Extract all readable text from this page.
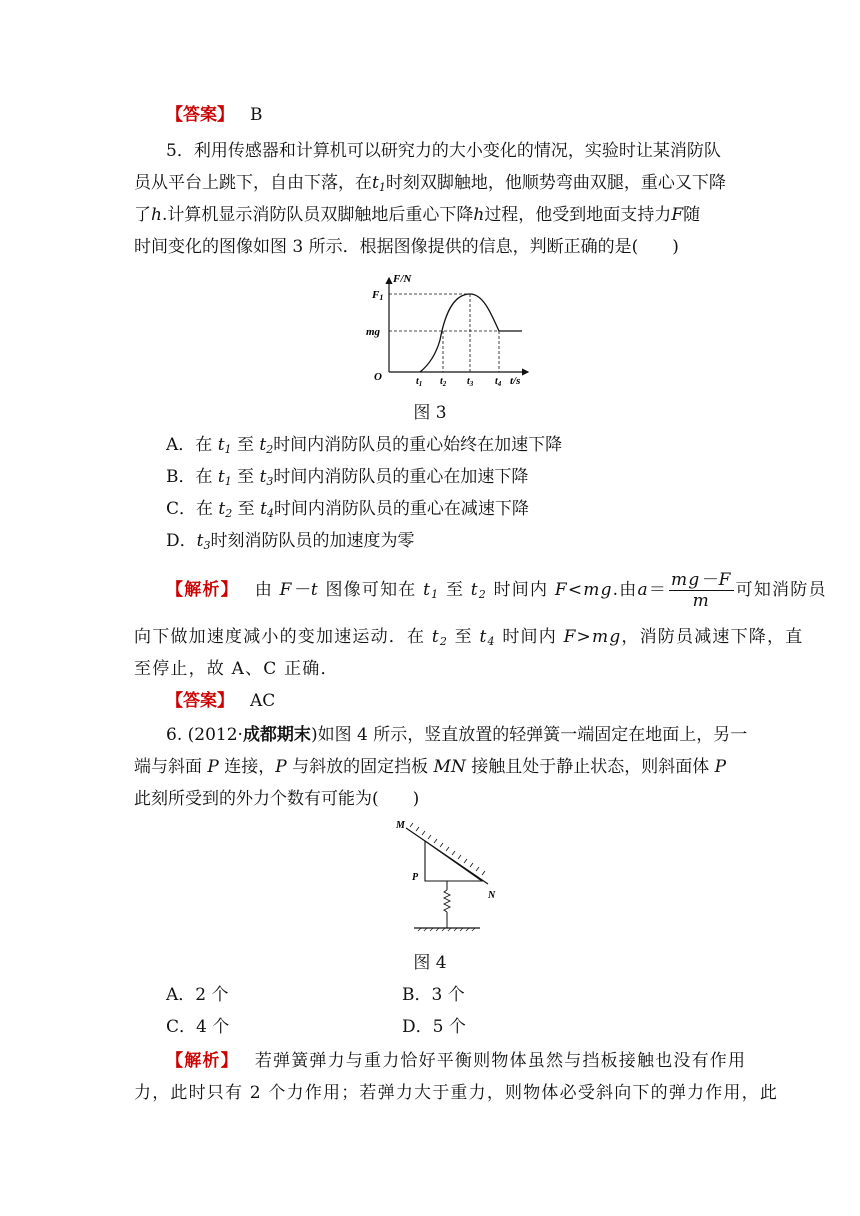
【答案】 B
5．利用传感器和计算机可以研究力的大小变化的情况，实验时让某消防队
员从平台上跳下，自由下落，在$t_1$时刻双脚触地，他顺势弯曲双腿，重心又下降
了h.计算机显示消防队员双脚触地后重心下降h过程，他受到地面支持力F随
时间变化的图像如图 3 所示．根据图像提供的信息，判断正确的是(　　)
F/N
t/s
O
F1
mg
$t_1$ $t_2$ $t_3$ $t_4$
图 3
A．在 $t_1$ 至 $t_2$时间内消防队员的重心始终在加速下降
B．在 $t_1$ 至 $t_3$时间内消防队员的重心在加速下降
C．在 $t_2$ 至 $t_4$时间内消防队员的重心在减速下降
D．$t_3$时刻消防队员的加速度为零
【解析】 由 F－t 图像可知在 $t_1$ 至 $t_2$ 时间内 F<mg.由$a= \frac{mg-F}{m}$ 可知消防员
向下做加速度减小的变加速运动．在 $t_2$ 至 $t_4$ 时间内 F>mg，消防员减速下降，直
至停止，故 A、C 正确．
【答案】 AC
6. (2012·成都期末)如图 4 所示，竖直放置的轻弹簧一端固定在地面上，另一
端与斜面 P 连接，P 与斜放的固定挡板 MN 接触且处于静止状态，则斜面体 P
此刻所受到的外力个数有可能为(　　)
M
N
P
图 4
A．2 个	B．3 个
C．4 个	D．5 个
【解析】 若弹簧弹力与重力恰好平衡则物体虽然与挡板接触也没有作用
力，此时只有 2 个力作用；若弹力大于重力，则物体必受斜向下的弹力作用，此
